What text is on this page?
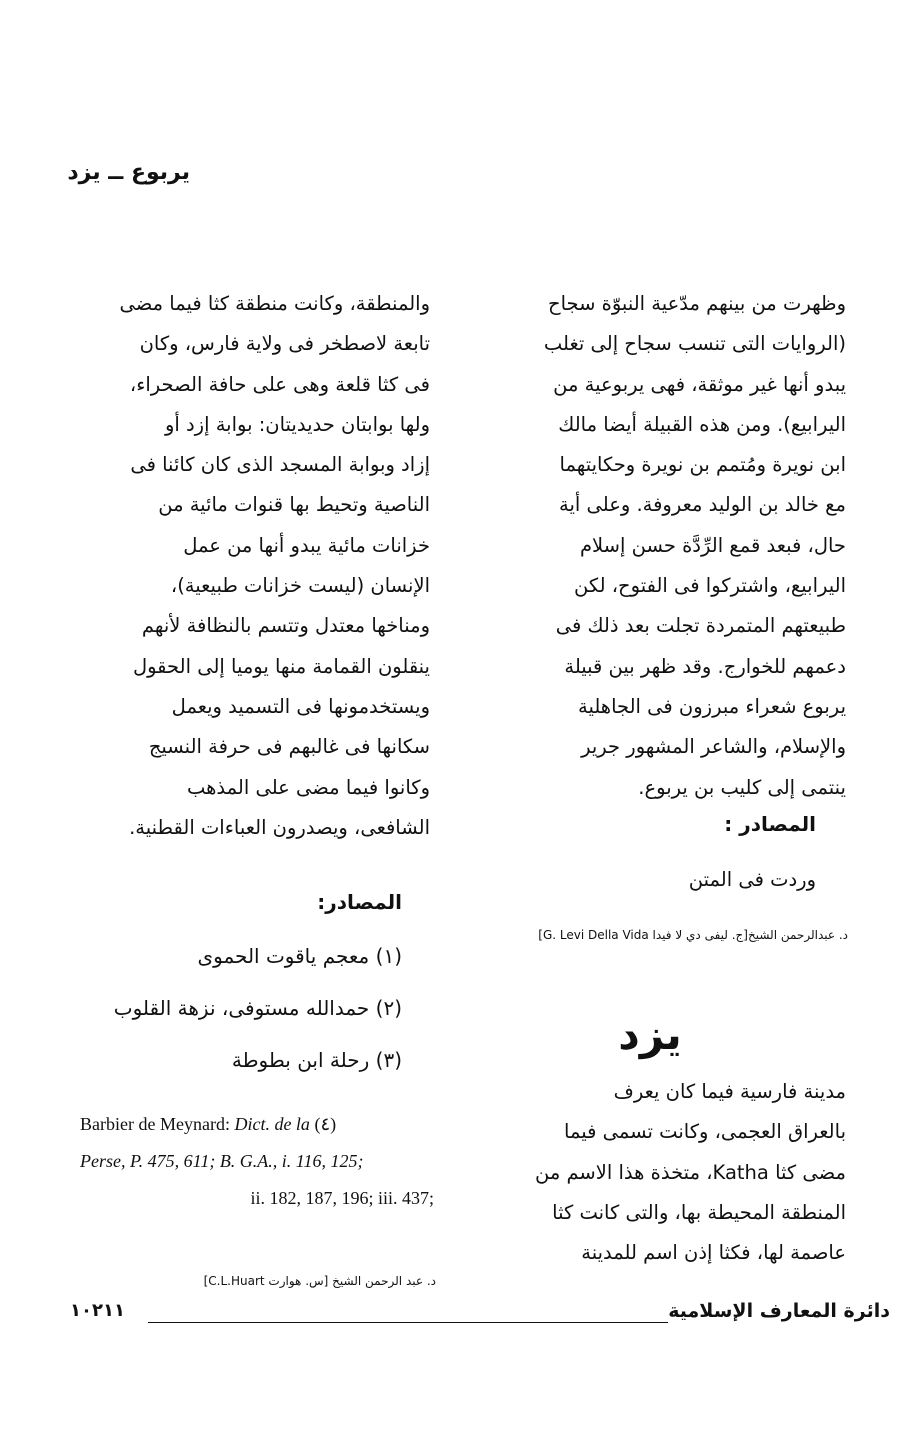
يربوع ــ يزد
وظهرت من بينهم مدّعية النبوّة سجاح
(الروايات التى تنسب سجاح إلى تغلب
يبدو أنها غير موثقة، فهى يربوعية من
اليرابيع). ومن هذه القبيلة أيضا مالك
ابن نويرة ومُتمم بن نويرة وحكايتهما
مع خالد بن الوليد معروفة. وعلى أية
حال، فبعد قمع الرِّدَّة حسن إسلام
اليرابيع، واشتركوا فى الفتوح، لكن
طبيعتهم المتمردة تجلت بعد ذلك فى
دعمهم للخوارج. وقد ظهر بين قبيلة
يربوع شعراء مبرزون فى الجاهلية
والإسلام، والشاعر المشهور جرير
ينتمى إلى كليب بن يربوع.
المصادر :
وردت فى المتن
د. عبدالرحمن الشيخ[ج. ليفى دي لا فيدا G. Levi Della Vida]
يزد
مدينة فارسية فيما كان يعرف
بالعراق العجمى، وكانت تسمى فيما
مضى كثا Katha، متخذة هذا الاسم من
المنطقة المحيطة بها، والتى كانت كثا
عاصمة لها، فكثا إذن اسم للمدينة
والمنطقة، وكانت منطقة كثا فيما مضى
تابعة لاصطخر فى ولاية فارس، وكان
فى كثا قلعة وهى على حافة الصحراء،
ولها بوابتان حديديتان: بوابة إزد أو
إزاد وبوابة المسجد الذى كان كائنا فى
الناصية وتحيط بها قنوات مائية من
خزانات مائية يبدو أنها من عمل
الإنسان (ليست خزانات طبيعية)،
ومناخها معتدل وتتسم بالنظافة لأنهم
ينقلون القمامة منها يوميا إلى الحقول
ويستخدمونها فى التسميد ويعمل
سكانها فى غالبهم فى حرفة النسيج
وكانوا فيما مضى على المذهب
الشافعى، ويصدرون العباءات القطنية.
المصادر:
(١) معجم ياقوت الحموى
(٢) حمدالله مستوفى، نزهة القلوب
(٣) رحلة ابن بطوطة
Barbier de Meynard: Dict. de la (٤)
Perse, P. 475, 611; B. G.A., i. 116, 125;
ii. 182, 187, 196; iii. 437;
د. عبد الرحمن الشيخ [س. هوارت C.L.Huart]
دائرة المعارف الإسلامية
١٠٢١١
